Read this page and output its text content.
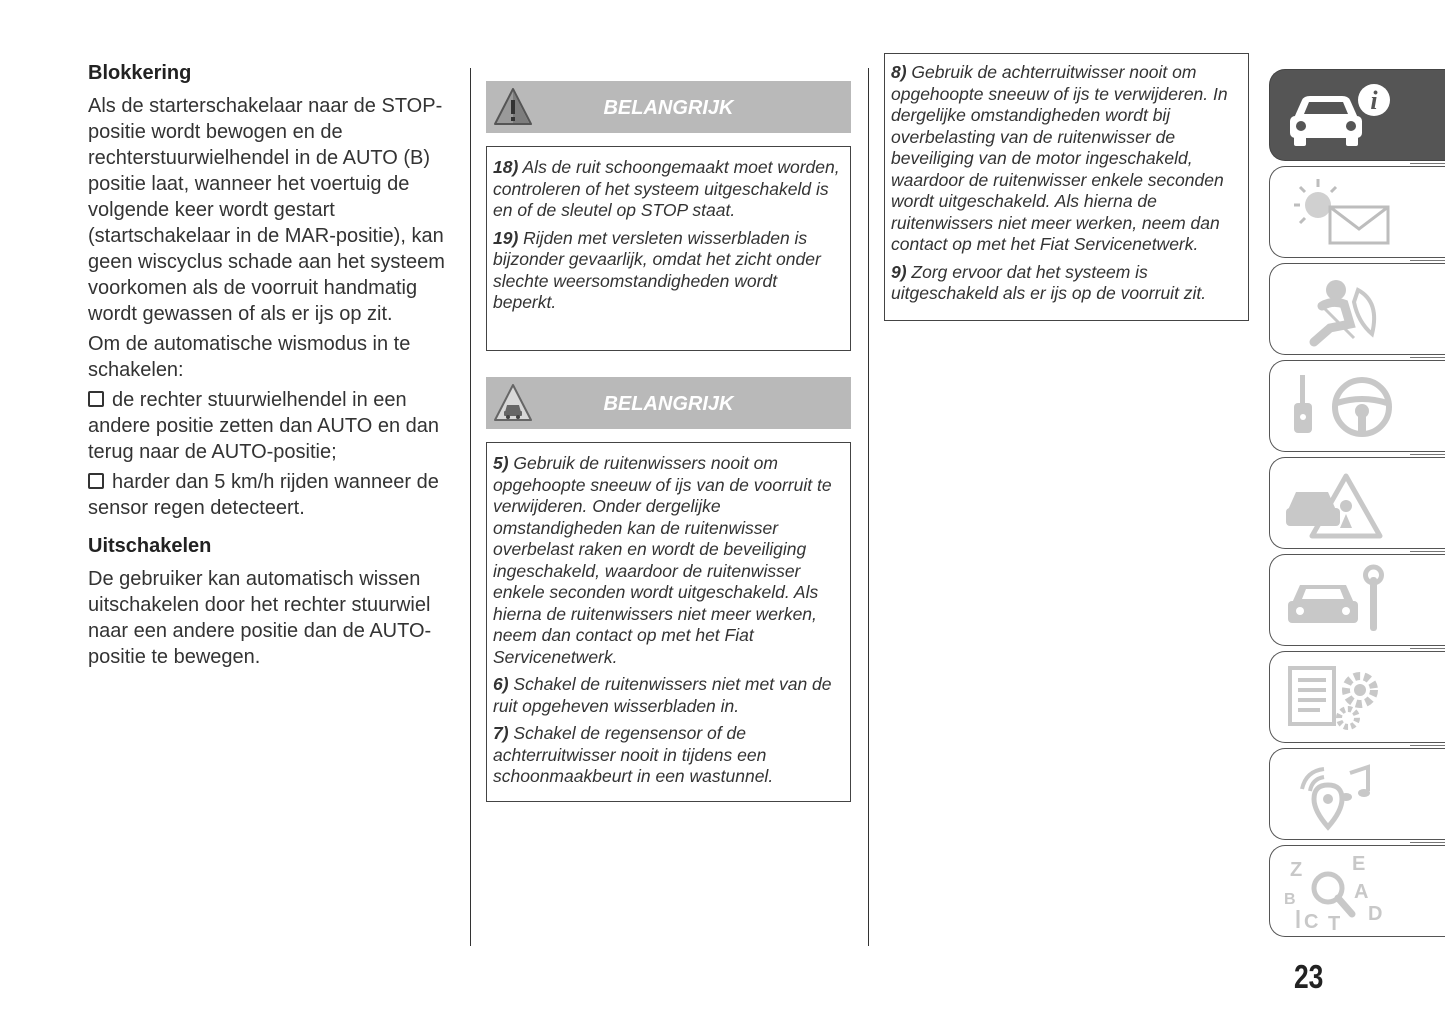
Blokkering

Als de starterschakelaar naar de STOP-positie wordt bewogen en de rechterstuurwielhendel in de AUTO (B) positie laat, wanneer het voertuig de volgende keer wordt gestart (startschakelaar in de MAR-positie), kan geen wiscyclus schade aan het systeem voorkomen als de voorruit handmatig wordt gewassen of als er ijs op zit.

Om de automatische wismodus in te schakelen:

de rechter stuurwielhendel in een andere positie zetten dan AUTO en dan terug naar de AUTO-positie;
harder dan 5 km/h rijden wanneer de sensor regen detecteert.
Uitschakelen

De gebruiker kan automatisch wissen uitschakelen door het rechter stuurwiel naar een andere positie dan de AUTO-positie te bewegen.

BELANGRIJK

18) Als de ruit schoongemaakt moet worden, controleren of het systeem uitgeschakeld is en of de sleutel op STOP staat.

19) Rijden met versleten wisserbladen is bijzonder gevaarlijk, omdat het zicht onder slechte weersomstandigheden wordt beperkt.

BELANGRIJK

5) Gebruik de ruitenwissers nooit om opgehoopte sneeuw of ijs van de voorruit te verwijderen. Onder dergelijke omstandigheden kan de ruitenwisser overbelast raken en wordt de beveiliging ingeschakeld, waardoor de ruitenwisser enkele seconden wordt uitgeschakeld. Als hierna de ruitenwissers niet meer werken, neem dan contact op met het Fiat Servicenetwerk.

6) Schakel de ruitenwissers niet met van de ruit opgeheven wisserbladen in.

7) Schakel de regensensor of de achterruitwisser nooit in tijdens een schoonmaakbeurt in een wastunnel.

8) Gebruik de achterruitwisser nooit om opgehoopte sneeuw of ijs te verwijderen. In dergelijke omstandigheden wordt bij overbelasting van de ruitenwisser de beveiliging van de motor ingeschakeld, waardoor de ruitenwisser enkele seconden wordt uitgeschakeld. Als hierna de ruitenwissers niet meer werken, neem dan contact op met het Fiat Servicenetwerk.

9) Zorg ervoor dat het systeem is uitgeschakeld als er ijs op de voorruit zit.

i
Z E
B	A
C T D
23
